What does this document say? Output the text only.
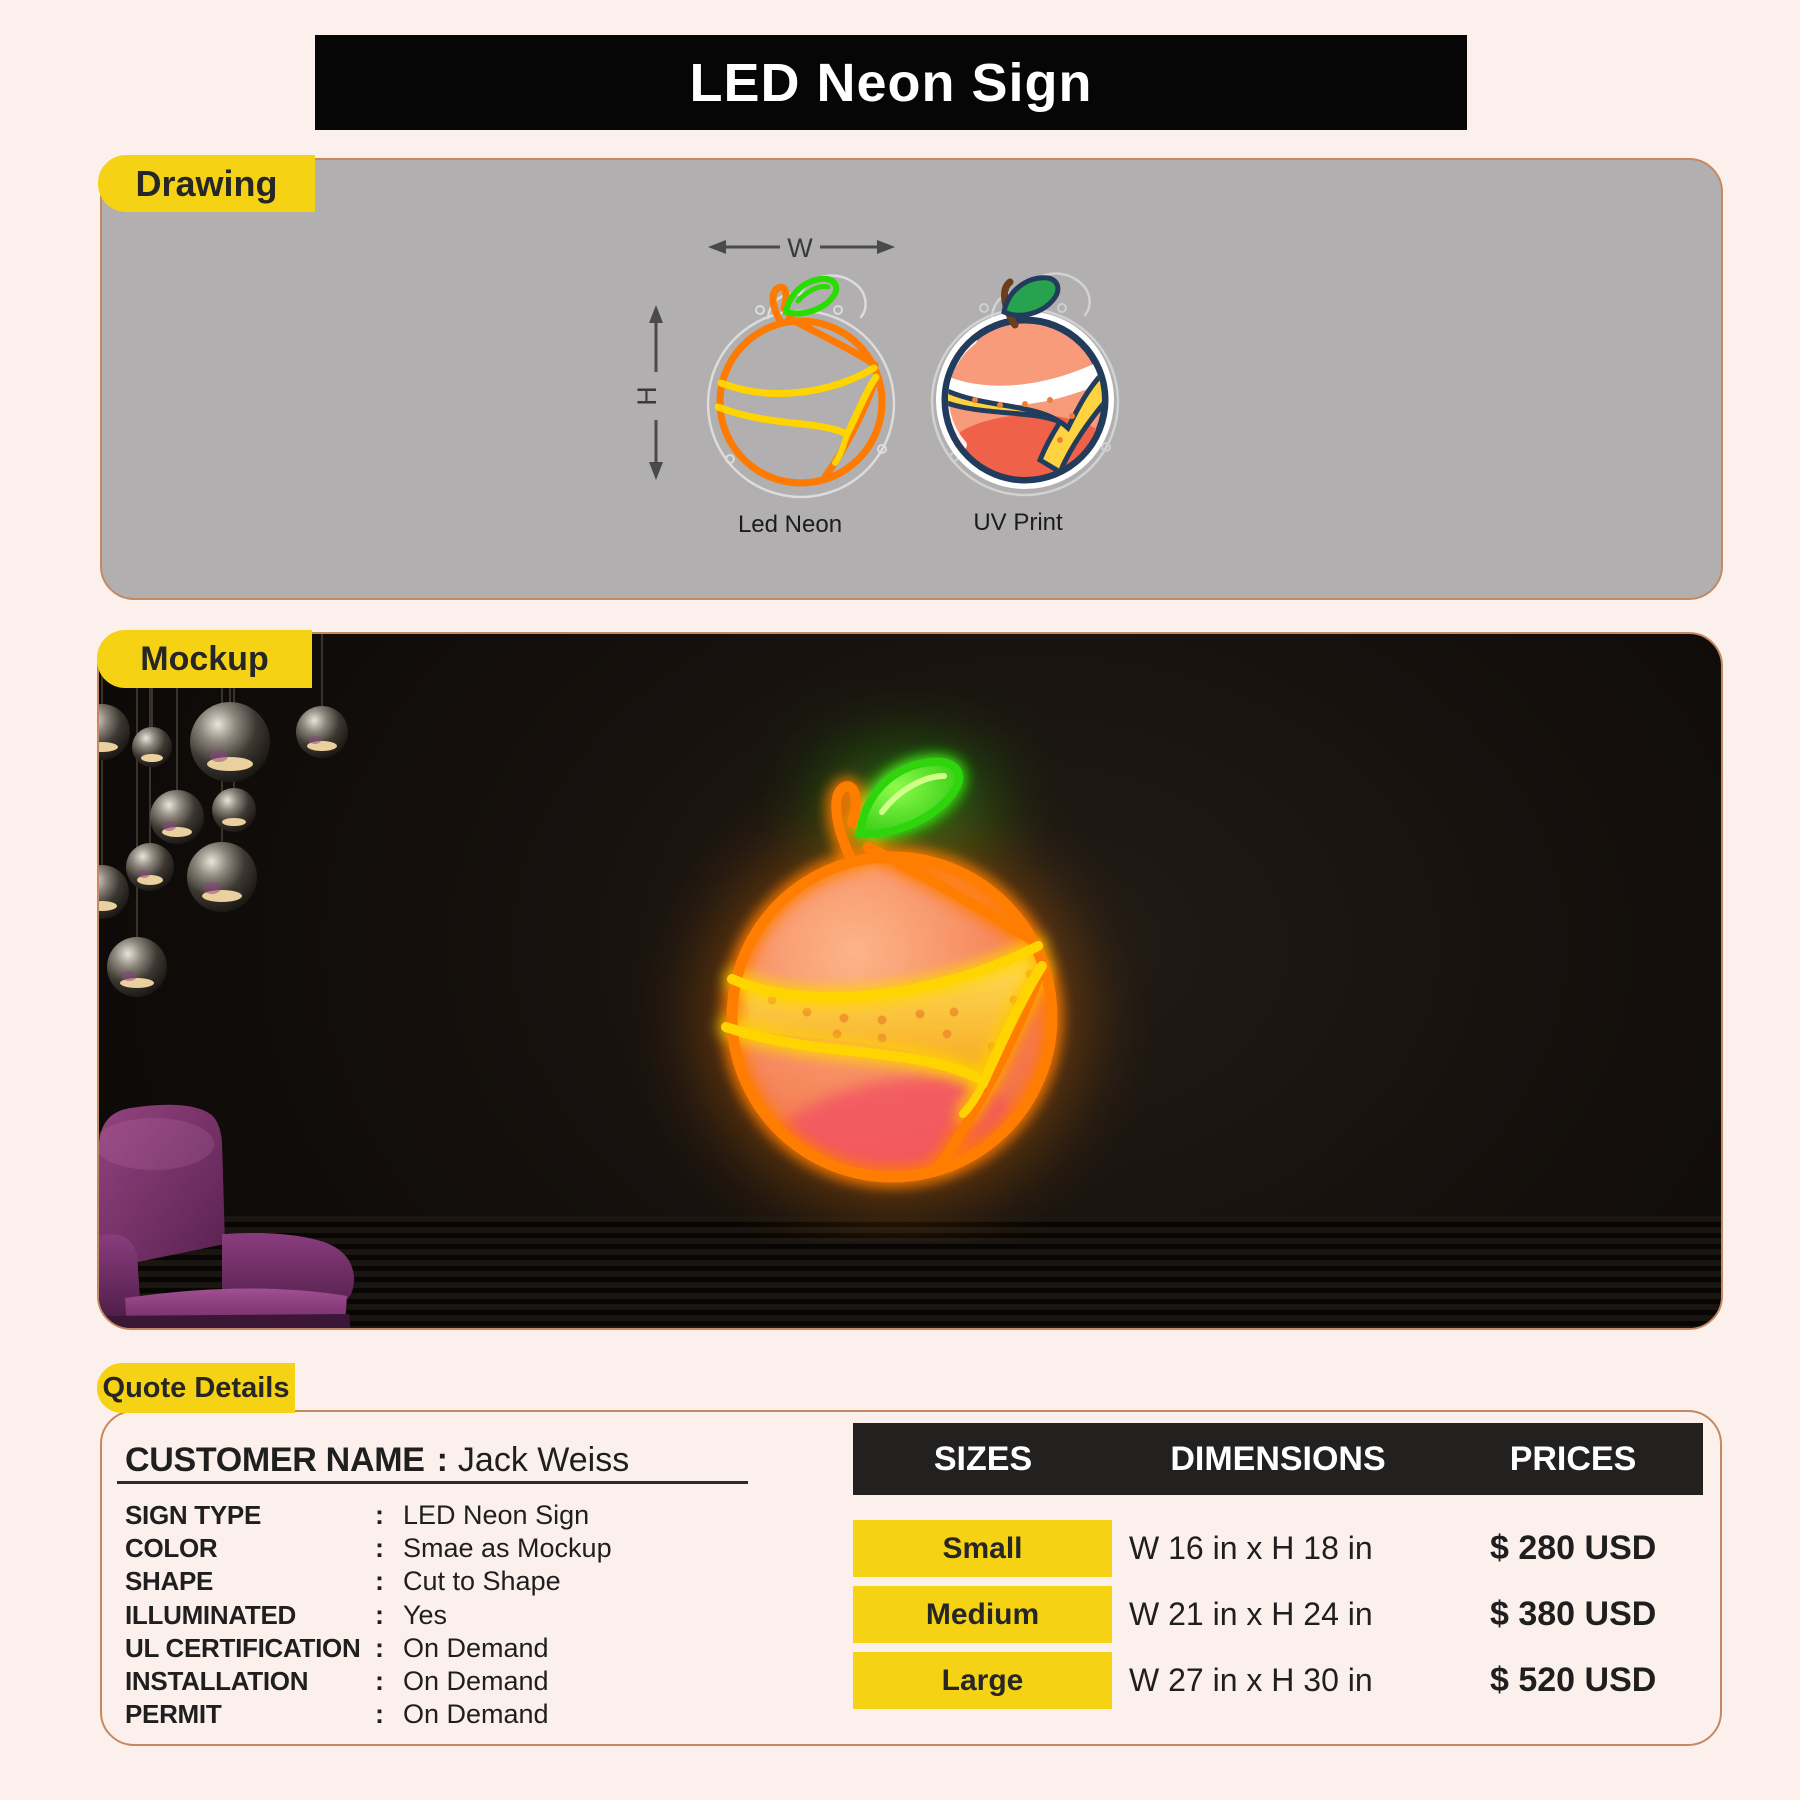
LED Neon Sign
Drawing
W
H
Led Neon	UV Print
Mockup
Quote Details
CUSTOMER NAME : Jack Weiss
SIGN TYPE	: LED Neon Sign
COLOR	: Smae as Mockup
SHAPE	: Cut to Shape
ILLUMINATED	: Yes
UL CERTIFICATION : On Demand
INSTALLATION	: On Demand
PERMIT	: On Demand
SIZES	DIMENSIONS	PRICES
Small	W 16 in x H 18 in	$ 280 USD
Medium	W 21 in x H 24 in	$ 380 USD
Large	W 27 in x H 30 in	$ 520 USD
